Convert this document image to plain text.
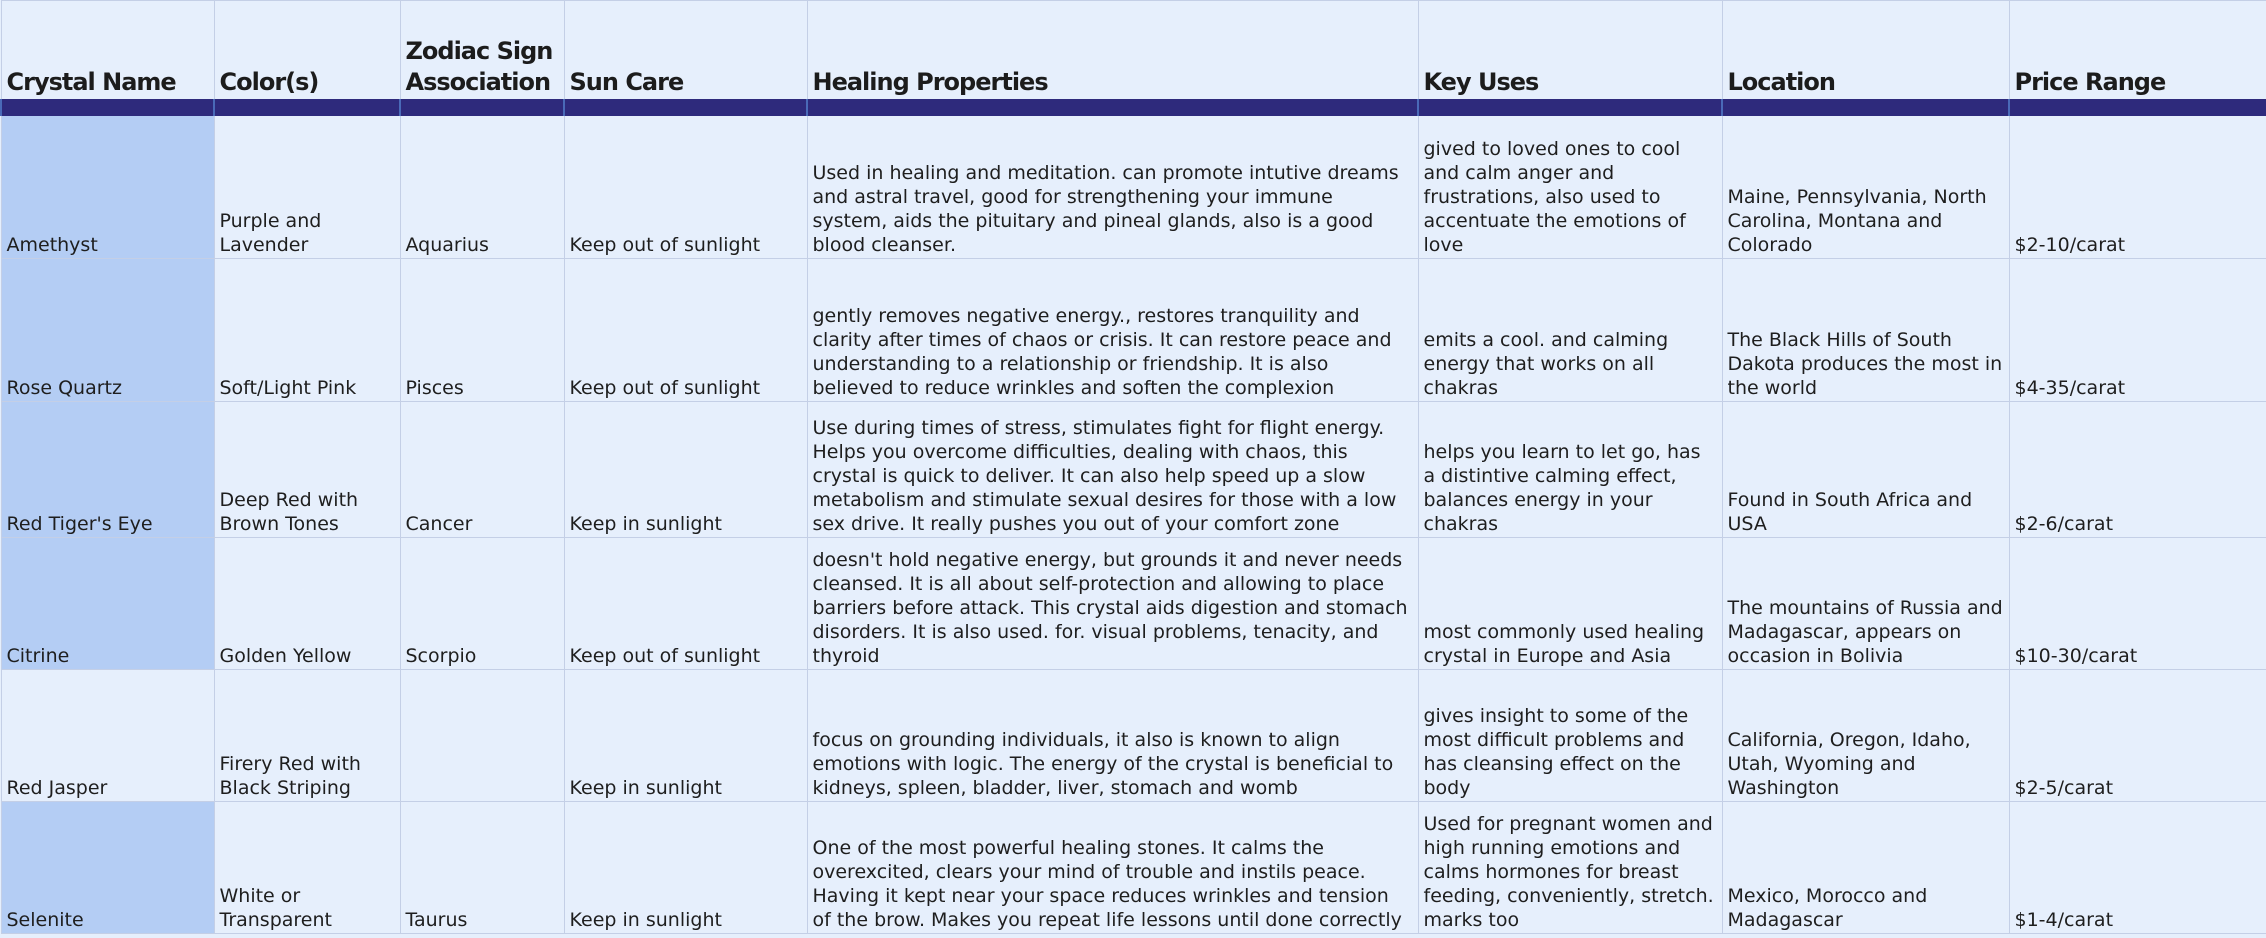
Crystal Name	Color(s)	Zodiac Sign Association	Sun Care	Healing Properties	Key Uses	Location	Price Range

Amethyst	Purple and Lavender	Aquarius	Keep out of sunlight	Used in healing and meditation. can promote intutive dreams and astral travel, good for strengthening your immune system, aids the pituitary and pineal glands, also is a good blood cleanser.	gived to loved ones to cool and calm anger and frustrations, also used to accentuate the emotions of love	Maine, Pennsylvania, North Carolina, Montana and Colorado	$2-10/carat
Rose Quartz	Soft/Light Pink	Pisces	Keep out of sunlight	gently removes negative energy., restores tranquility and clarity after times of chaos or crisis. It can restore peace and understanding to a relationship or friendship. It is also believed to reduce wrinkles and soften the complexion	emits a cool. and calming energy that works on all chakras	The Black Hills of South Dakota produces the most in the world	$4-35/carat
Red Tiger's Eye	Deep Red with Brown Tones	Cancer	Keep in sunlight	Use during times of stress, stimulates fight for flight energy. Helps you overcome difficulties, dealing with chaos, this crystal is quick to deliver. It can also help speed up a slow metabolism and stimulate sexual desires for those with a low sex drive. It really pushes you out of your comfort zone	helps you learn to let go, has a distintive calming effect, balances energy in your chakras	Found in South Africa and USA	$2-6/carat
Citrine	Golden Yellow	Scorpio	Keep out of sunlight	doesn't hold negative energy, but grounds it and never needs cleansed. It is all about self-protection and allowing to place barriers before attack. This crystal aids digestion and stomach disorders. It is also used. for. visual problems, tenacity, and thyroid	most commonly used healing crystal in Europe and Asia	The mountains of Russia and Madagascar, appears on occasion in Bolivia	$10-30/carat
Red Jasper	Firery Red with Black Striping		Keep in sunlight	focus on grounding individuals, it also is known to align emotions with logic. The energy of the crystal is beneficial to kidneys, spleen, bladder, liver, stomach and womb	gives insight to some of the most difficult problems and has cleansing effect on the body	California, Oregon, Idaho, Utah, Wyoming and Washington	$2-5/carat
Selenite	White or Transparent	Taurus	Keep in sunlight	One of the most powerful healing stones. It calms the overexcited, clears your mind of trouble and instils peace. Having it kept near your space reduces wrinkles and tension of the brow. Makes you repeat life lessons until done correctly	Used for pregnant women and high running emotions and calms hormones for breast feeding, conveniently, stretch. marks too	Mexico, Morocco and Madagascar	$1-4/carat
